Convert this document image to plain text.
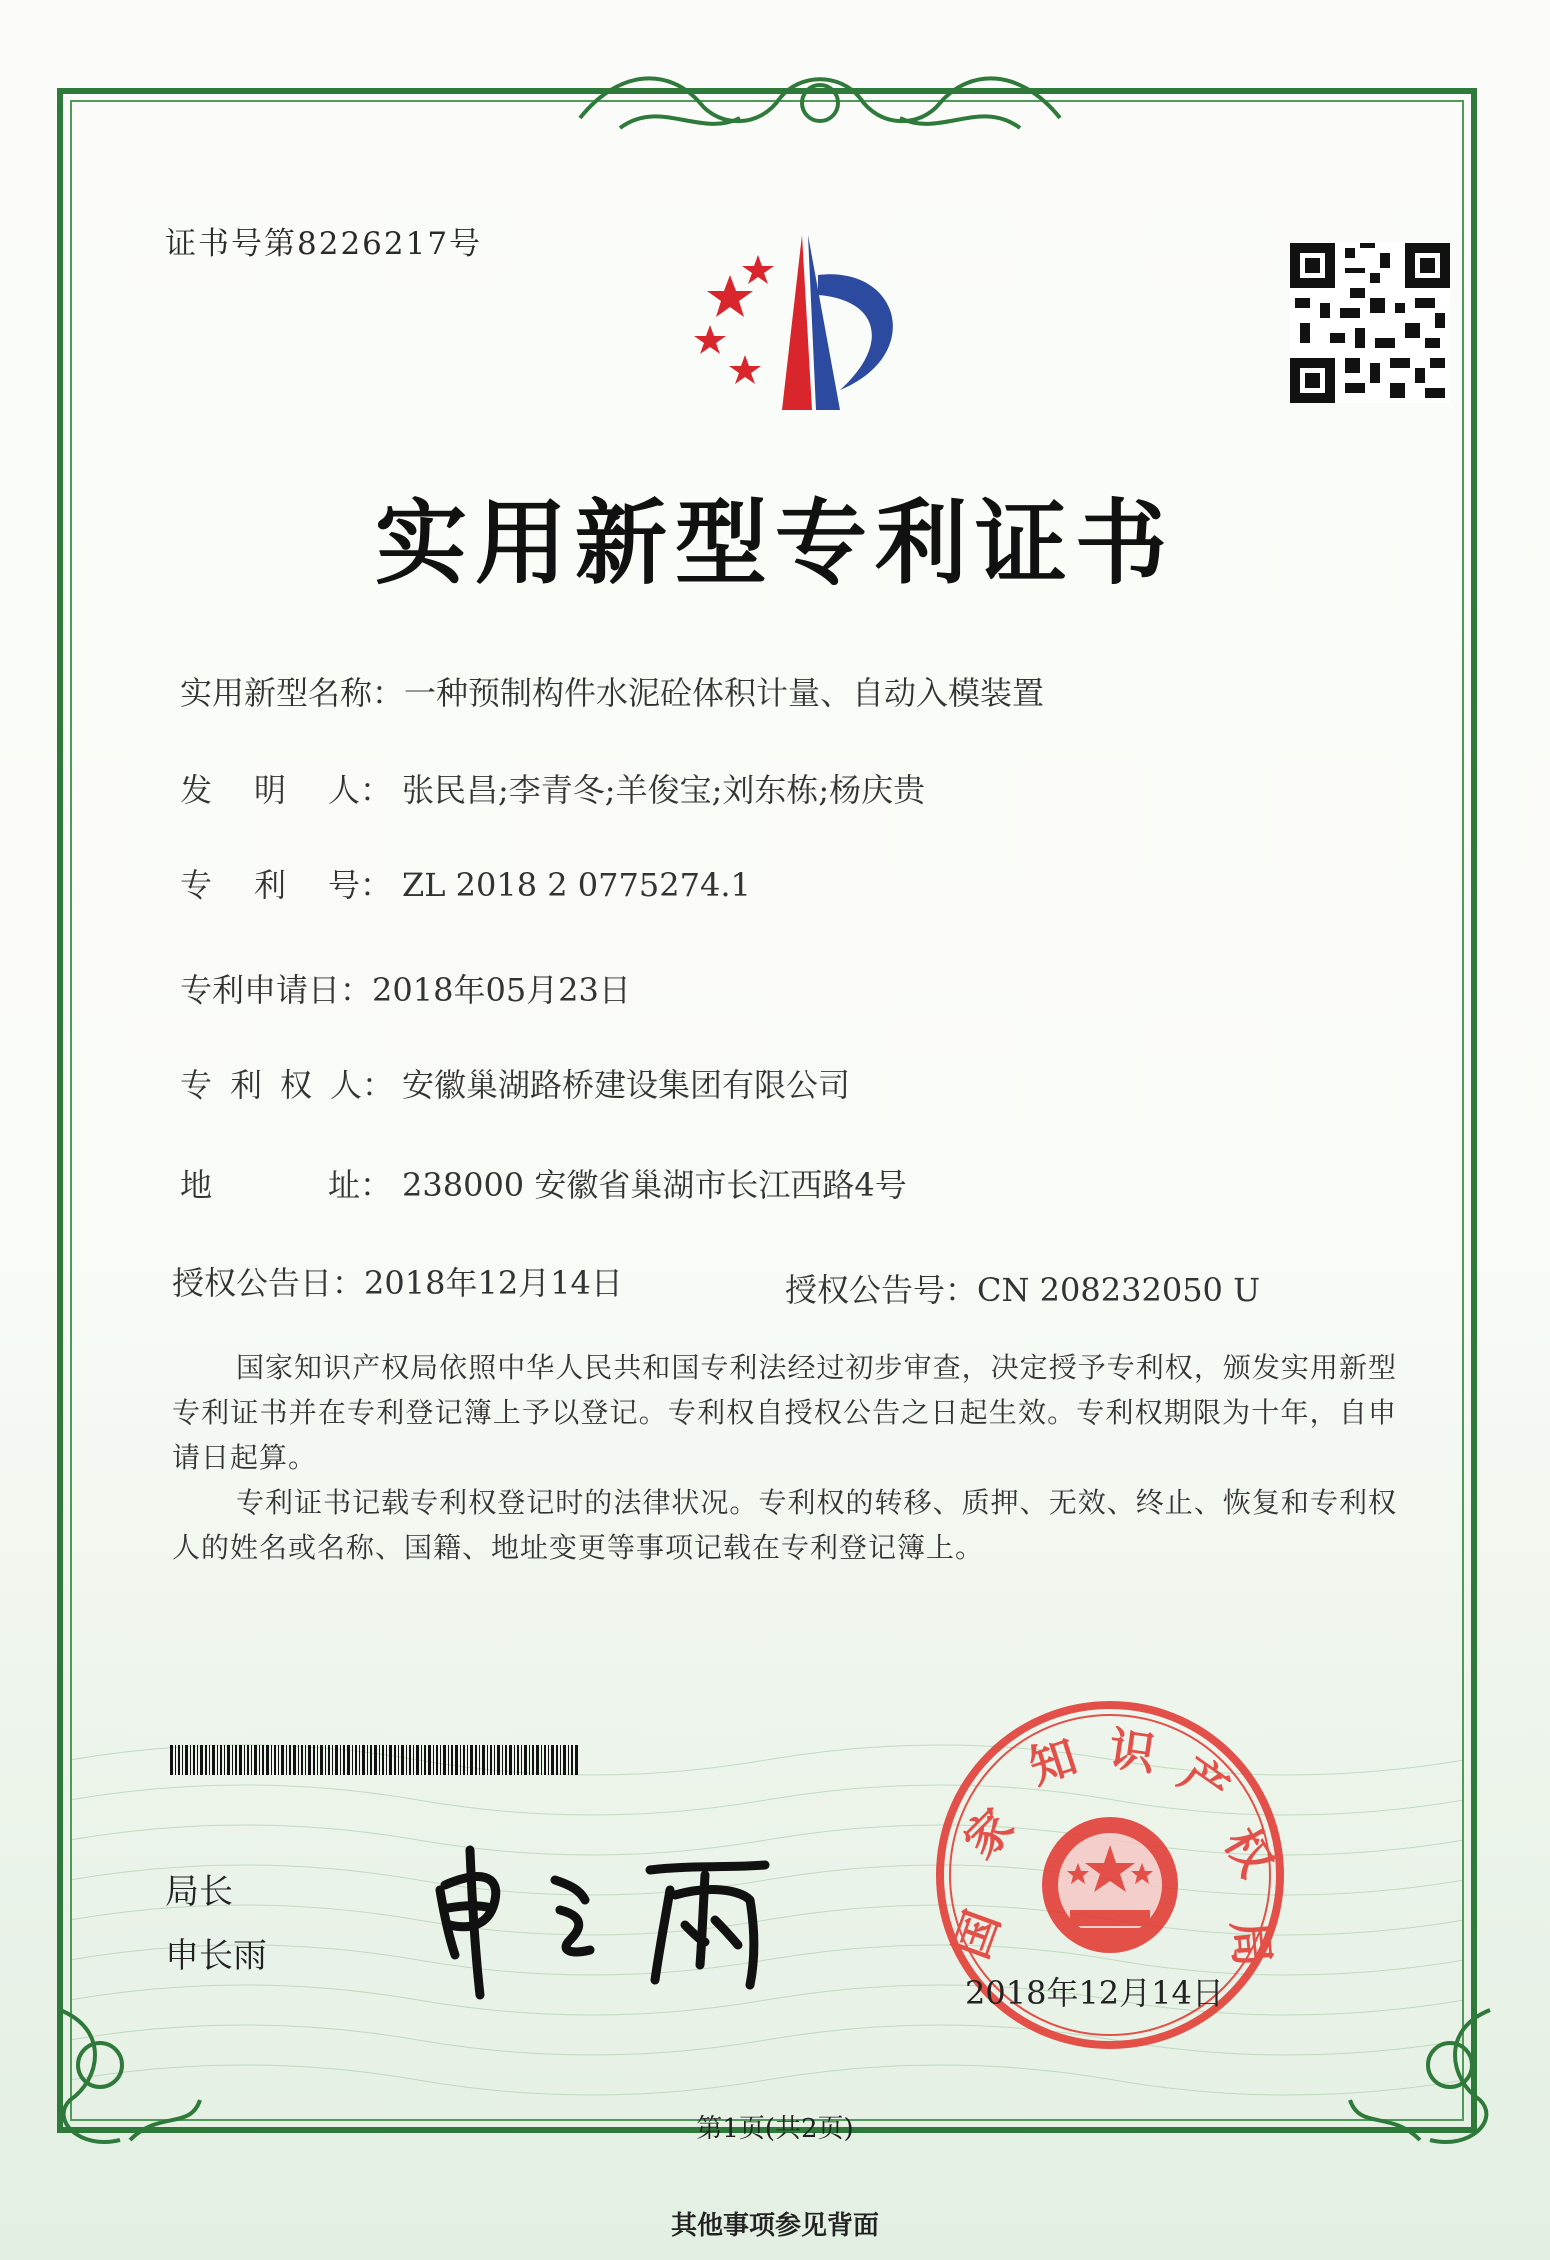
证书号第8226217号
实用新型专利证书
实用新型名称：一种预制构件水泥砼体积计量、自动入模装置
发 明 人： 张民昌;李青冬;羊俊宝;刘东栋;杨庆贵
专 利 号： ZL 2018 2 0775274.1
专利申请日：2018年05月23日
专 利 权 人： 安徽巢湖路桥建设集团有限公司
地	址： 238000 安徽省巢湖市长江西路4号
授权公告日：2018年12月14日	授权公告号：CN 208232050 U
国家知识产权局依照中华人民共和国专利法经过初步审查，决定授予专利权，颁发实用新型专利证书并在专利登记簿上予以登记。专利权自授权公告之日起生效。专利权期限为十年，自申请日起算。
专利证书记载专利权登记时的法律状况。专利权的转移、质押、无效、终止、恢复和专利权人的姓名或名称、国籍、地址变更等事项记载在专利登记簿上。
局长
申长雨	国
家
知 识 产
权
局
2018年12月14日
第1页(共2页)
其他事项参见背面
